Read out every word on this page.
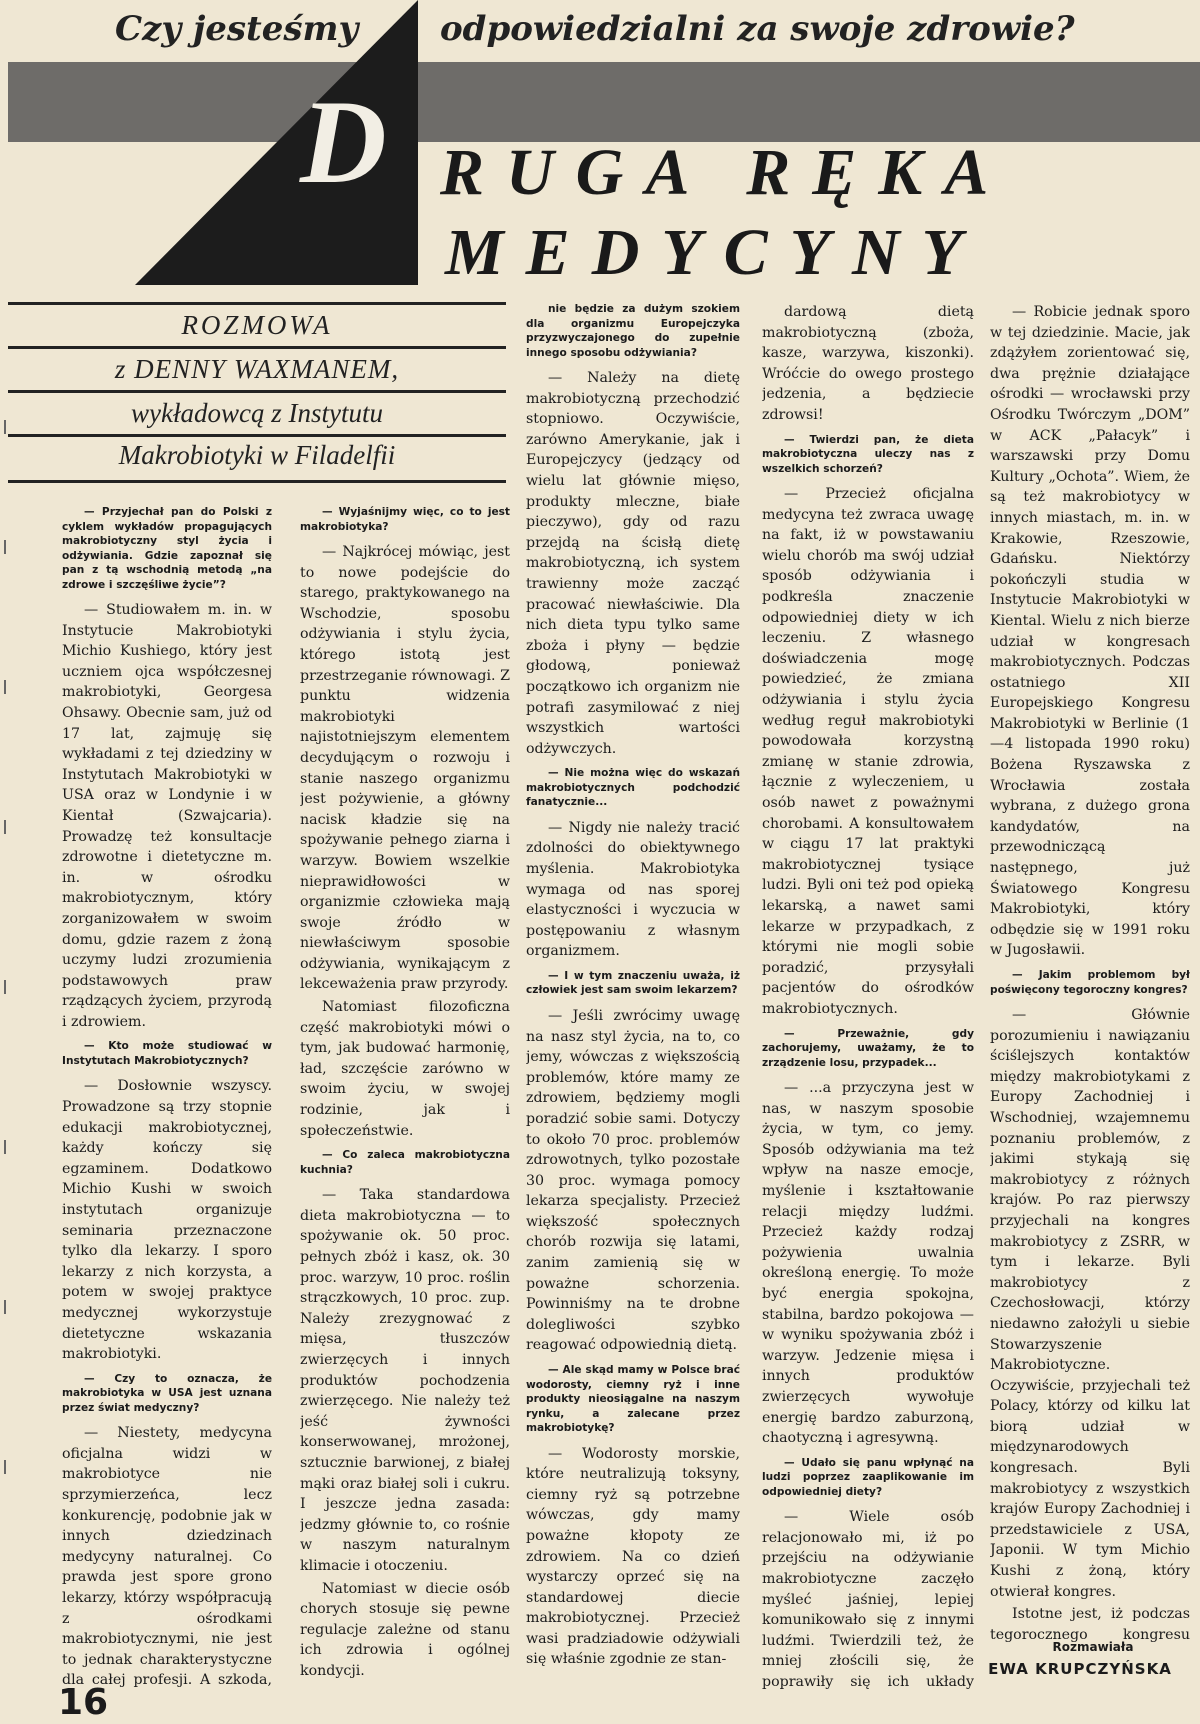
Czy jesteśmy odpowiedzialni za swoje zdrowie?
D RUGA RĘKA
MEDYCYNY
ROZMOWA
z DENNY WAXMANEM,
wykładowcą z Instytutu
Makrobiotyki w Filadelfii

— Przyjechał pan do Polski z cyklem wykładów propagujących makrobiotyczny styl życia i odżywiania. Gdzie zapoznał się pan z tą wschodnią metodą „na zdrowe i szczęśliwe życie”?

— Studiowałem m. in. w Instytucie Makrobiotyki Michio Kushiego, który jest uczniem ojca współczesnej makrobiotyki, Georgesa Ohsawy. Obecnie sam, już od 17 lat, zajmuję się wykładami z tej dziedziny w Instytutach Makrobiotyki w USA oraz w Londynie i w Kientał (Szwajcaria). Prowadzę też konsultacje zdrowotne i dietetyczne m. in. w ośrodku makrobiotycznym, który zorganizowałem w swoim domu, gdzie razem z żoną uczymy ludzi zrozumienia podstawowych praw rządzących życiem, przyrodą i zdrowiem.

— Kto może studiować w Instytutach Makrobiotycznych?

— Dosłownie wszyscy. Prowadzone są trzy stopnie edukacji makrobiotycznej, każdy kończy się egzaminem. Dodatkowo Michio Kushi w swoich instytutach organizuje seminaria przeznaczone tylko dla lekarzy. I sporo lekarzy z nich korzysta, a potem w swojej praktyce medycznej wykorzystuje dietetyczne wskazania makrobiotyki.

— Czy to oznacza, że makrobiotyka w USA jest uznana przez świat medyczny?

— Niestety, medycyna oficjalna widzi w makrobiotyce nie sprzymierzeńca, lecz konkurencję, podobnie jak w innych dziedzinach medycyny naturalnej. Co prawda jest spore grono lekarzy, którzy współpracują z ośrodkami makrobiotycznymi, nie jest to jednak charakterystyczne dla całej profesji. A szkoda,

— Wyjaśnijmy więc, co to jest makrobiotyka?

— Najkrócej mówiąc, jest to nowe podejście do starego, praktykowanego na Wschodzie, sposobu odżywiania i stylu życia, którego istotą jest przestrzeganie równowagi. Z punktu widzenia makrobiotyki najistotniejszym elementem decydującym o rozwoju i stanie naszego organizmu jest pożywienie, a główny nacisk kładzie się na spożywanie pełnego ziarna i warzyw. Bowiem wszelkie nieprawidłowości w organizmie człowieka mają swoje źródło w niewłaściwym sposobie odżywiania, wynikającym z lekceważenia praw przyrody.

Natomiast filozoficzna część makrobiotyki mówi o tym, jak budować harmonię, ład, szczęście zarówno w swoim życiu, w swojej rodzinie, jak i społeczeństwie.

— Co zaleca makrobiotyczna kuchnia?

— Taka standardowa dieta makrobiotyczna — to spożywanie ok. 50 proc. pełnych zbóż i kasz, ok. 30 proc. warzyw, 10 proc. roślin strączkowych, 10 proc. zup. Należy zrezygnować z mięsa, tłuszczów zwierzęcych i innych produktów pochodzenia zwierzęcego. Nie należy też jeść żywności konserwowanej, mrożonej, sztucznie barwionej, z białej mąki oraz białej soli i cukru. I jeszcze jedna zasada: jedzmy głównie to, co rośnie w naszym naturalnym klimacie i otoczeniu.

Natomiast w diecie osób chorych stosuje się pewne regulacje zależne od stanu ich zdrowia i ogólnej kondycji.

nie będzie za dużym szokiem dla organizmu Europejczyka przyzwyczajonego do zupełnie innego sposobu odżywiania?

— Należy na dietę makrobiotyczną przechodzić stopniowo. Oczywiście, zarówno Amerykanie, jak i Europejczycy (jedzący od wielu lat głównie mięso, produkty mleczne, białe pieczywo), gdy od razu przejdą na ścisłą dietę makrobiotyczną, ich system trawienny może zacząć pracować niewłaściwie. Dla nich dieta typu tylko same zboża i płyny — będzie głodową, ponieważ początkowo ich organizm nie potrafi zasymilować z niej wszystkich wartości odżywczych.

— Nie można więc do wskazań makrobiotycznych podchodzić fanatycznie...

— Nigdy nie należy tracić zdolności do obiektywnego myślenia. Makrobiotyka wymaga od nas sporej elastyczności i wyczucia w postępowaniu z własnym organizmem.

— I w tym znaczeniu uważa, iż człowiek jest sam swoim lekarzem?

— Jeśli zwrócimy uwagę na nasz styl życia, na to, co jemy, wówczas z większością problemów, które mamy ze zdrowiem, będziemy mogli poradzić sobie sami. Dotyczy to około 70 proc. problemów zdrowotnych, tylko pozostałe 30 proc. wymaga pomocy lekarza specjalisty. Przecież większość społecznych chorób rozwija się latami, zanim zamienią się w poważne schorzenia. Powinniśmy na te drobne dolegliwości szybko reagować odpowiednią dietą.

— Ale skąd mamy w Polsce brać wodorosty, ciemny ryż i inne produkty nieosiągalne na naszym rynku, a zalecane przez makrobiotykę?

— Wodorosty morskie, które neutralizują toksyny, ciemny ryż są potrzebne wówczas, gdy mamy poważne kłopoty ze zdrowiem. Na co dzień wystarczy oprzeć się na standardowej diecie makrobiotycznej. Przecież wasi pradziadowie odżywiali się właśnie zgodnie ze stan-

dardową dietą makrobiotyczną (zboża, kasze, warzywa, kiszonki). Wróćcie do owego prostego jedzenia, a będziecie zdrowsi!

— Twierdzi pan, że dieta makrobiotyczna uleczy nas z wszelkich schorzeń?

— Przecież oficjalna medycyna też zwraca uwagę na fakt, iż w powstawaniu wielu chorób ma swój udział sposób odżywiania i podkreśla znaczenie odpowiedniej diety w ich leczeniu. Z własnego doświadczenia mogę powiedzieć, że zmiana odżywiania i stylu życia według reguł makrobiotyki powodowała korzystną zmianę w stanie zdrowia, łącznie z wyleczeniem, u osób nawet z poważnymi chorobami. A konsultowałem w ciągu 17 lat praktyki makrobiotycznej tysiące ludzi. Byli oni też pod opieką lekarską, a nawet sami lekarze w przypadkach, z którymi nie mogli sobie poradzić, przysyłali pacjentów do ośrodków makrobiotycznych.

— Przeważnie, gdy zachorujemy, uważamy, że to zrządzenie losu, przypadek...

— ...a przyczyna jest w nas, w naszym sposobie życia, w tym, co jemy. Sposób odżywiania ma też wpływ na nasze emocje, myślenie i kształtowanie relacji między ludźmi. Przecież każdy rodzaj pożywienia uwalnia określoną energię. To może być energia spokojna, stabilna, bardzo pokojowa — w wyniku spożywania zbóż i warzyw. Jedzenie mięsa i innych produktów zwierzęcych wywołuje energię bardzo zaburzoną, chaotyczną i agresywną.

— Udało się panu wpłynąć na ludzi poprzez zaaplikowanie im odpowiedniej diety?

— Wiele osób relacjonowało mi, iż po przejściu na odżywianie makrobiotyczne zaczęło myśleć jaśniej, lepiej komunikowało się z innymi ludźmi. Twierdzili też, że mniej złościli się, że poprawiły się ich układy

— Robicie jednak sporo w tej dziedzinie. Macie, jak zdążyłem zorientować się, dwa prężnie działające ośrodki — wrocławski przy Ośrodku Twórczym „DOM” w ACK „Pałacyk” i warszawski przy Domu Kultury „Ochota”. Wiem, że są też makrobiotycy w innych miastach, m. in. w Krakowie, Rzeszowie, Gdańsku. Niektórzy pokończyli studia w Instytucie Makrobiotyki w Kiental. Wielu z nich bierze udział w kongresach makrobiotycznych. Podczas ostatniego XII Europejskiego Kongresu Makrobiotyki w Berlinie (1—4 listopada 1990 roku) Bożena Ryszawska z Wrocławia została wybrana, z dużego grona kandydatów, na przewodniczącą następnego, już Światowego Kongresu Makrobiotyki, który odbędzie się w 1991 roku w Jugosławii.

— Jakim problemom był poświęcony tegoroczny kongres?

— Głównie porozumieniu i nawiązaniu ściślejszych kontaktów między makrobiotykami z Europy Zachodniej i Wschodniej, wzajemnemu poznaniu problemów, z jakimi stykają się makrobiotycy z różnych krajów. Po raz pierwszy przyjechali na kongres makrobiotycy z ZSRR, w tym i lekarze. Byli makrobiotycy z Czechosłowacji, którzy niedawno założyli u siebie Stowarzyszenie Makrobiotyczne. Oczywiście, przyjechali też Polacy, którzy od kilku lat biorą udział w międzynarodowych kongresach. Byli makrobiotycy z wszystkich krajów Europy Zachodniej i przedstawiciele z USA, Japonii. W tym Michio Kushi z żoną, który otwierał kongres.

Istotne jest, iż podczas tegorocznego kongresu

Rozmawiała
EWA KRUPCZYŃSKA
16
